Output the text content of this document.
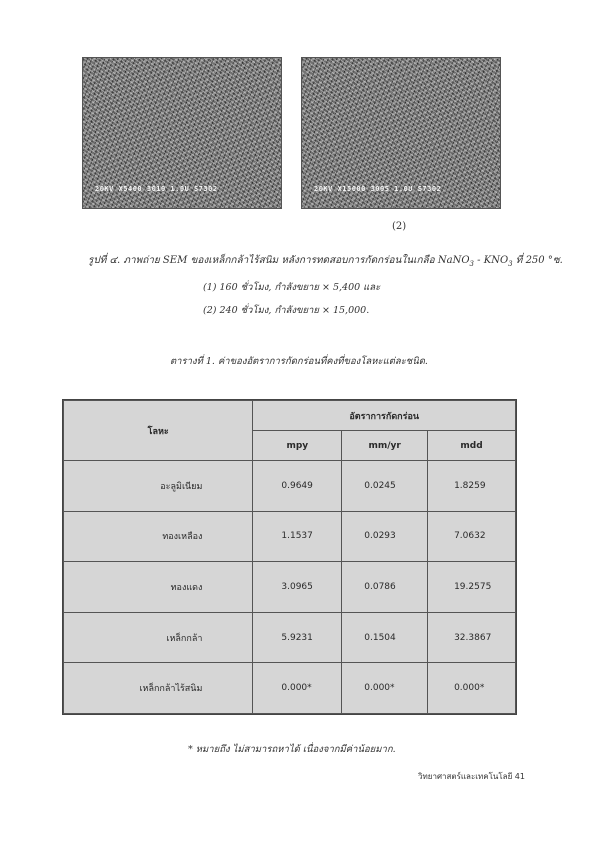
20KV X5400 3010 1.0U S7302	20KV X15000 3005 1.0U S7302
(2)
รูปที่ ๔. ภาพถ่าย SEM ของเหล็กกล้าไร้สนิม หลังการทดสอบการกัดกร่อนในเกลือ NaNO$_3$ - $KNO_3$ ที่ 250 °ซ.
(1) 160 ชั่วโมง, กำลังขยาย × 5,400 และ
(2) 240 ชั่วโมง, กำลังขยาย × 15,000.
ตารางที่ 1. ค่าของอัตราการกัดกร่อนที่คงที่ของโลหะแต่ละชนิด.
โลหะ	อัตราการกัดกร่อน		
	mpy	mm/yr	mdd
อะลูมิเนียม	0.9649	0.0245	1.8259
ทองเหลือง	1.1537	0.0293	7.0632
ทองแดง	3.0965	0.0786	19.2575
เหล็กกล้า	5.9231	0.1504	32.3867
เหล็กกล้าไร้สนิม	0.000*	0.000*	0.000*
* หมายถึง ไม่สามารถหาได้ เนื่องจากมีค่าน้อยมาก.
วิทยาศาสตร์และเทคโนโลยี 41
